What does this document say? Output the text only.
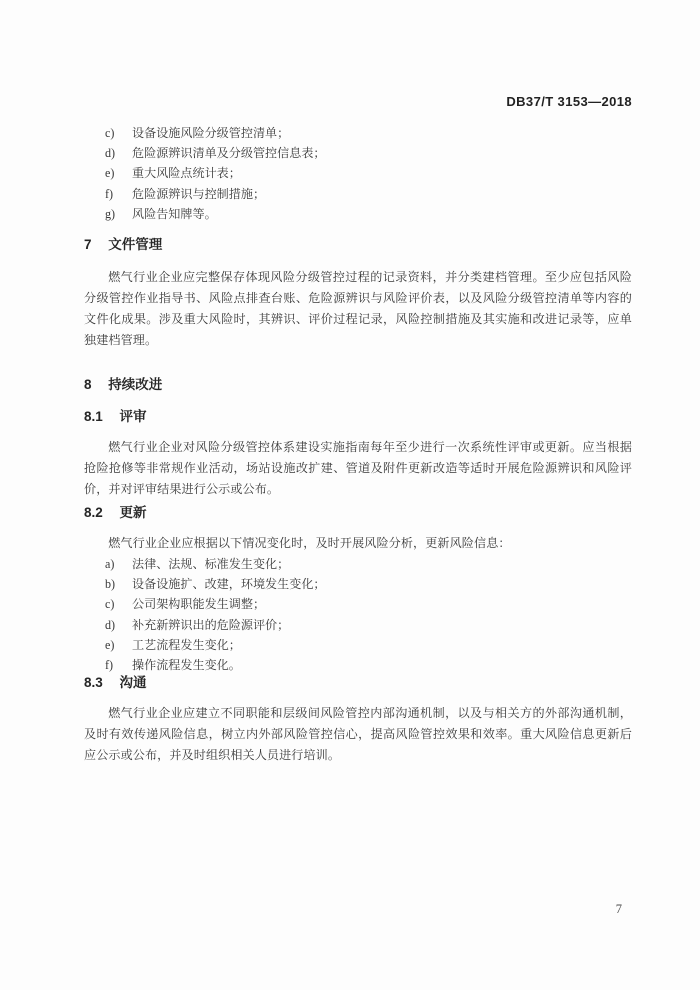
DB37/T 3153—2018
c)	设备设施风险分级管控清单；
d)	危险源辨识清单及分级管控信息表；
e)	重大风险点统计表；
f)	危险源辨识与控制措施；
g)	风险告知牌等。
7 文件管理

燃气行业企业应完整保存体现风险分级管控过程的记录资料，并分类建档管理。至少应包括风险分级管控作业指导书、风险点排查台账、危险源辨识与风险评价表，以及风险分级管控清单等内容的文件化成果。涉及重大风险时，其辨识、评价过程记录，风险控制措施及其实施和改进记录等，应单独建档管理。

8 持续改进
8.1 评审

燃气行业企业对风险分级管控体系建设实施指南每年至少进行一次系统性评审或更新。应当根据抢险抢修等非常规作业活动，场站设施改扩建、管道及附件更新改造等适时开展危险源辨识和风险评价，并对评审结果进行公示或公布。

8.2 更新

燃气行业企业应根据以下情况变化时，及时开展风险分析，更新风险信息：

a)	法律、法规、标准发生变化；
b)	设备设施扩、改建，环境发生变化；
c)	公司架构职能发生调整；
d)	补充新辨识出的危险源评价；
e)	工艺流程发生变化；
f)	操作流程发生变化。
8.3 沟通

燃气行业企业应建立不同职能和层级间风险管控内部沟通机制，以及与相关方的外部沟通机制，及时有效传递风险信息，树立内外部风险管控信心，提高风险管控效果和效率。重大风险信息更新后应公示或公布，并及时组织相关人员进行培训。

7
